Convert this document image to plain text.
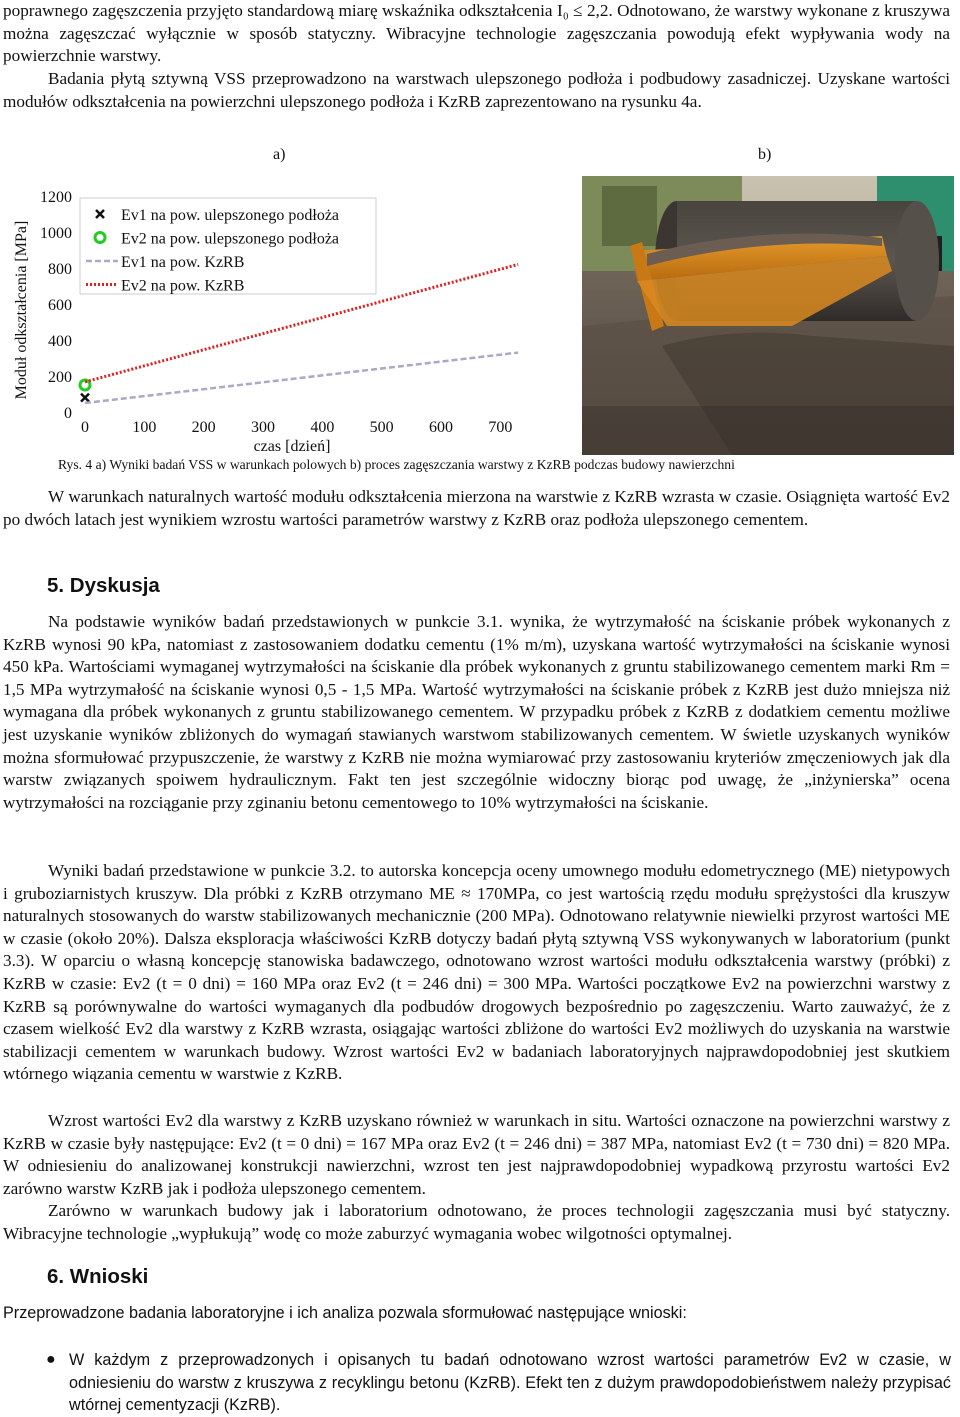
poprawnego zagęszczenia przyjęto standardową miarę wskaźnika odkształcenia I₀ ≤ 2,2. Odnotowano, że warstwy wykonane z kruszywa można zagęszczać wyłącznie w sposób statyczny. Wibracyjne technologie zagęszczania powodują efekt wypływania wody na powierzchnie warstwy.

Badania płytą sztywną VSS przeprowadzono na warstwach ulepszonego podłoża i podbudowy zasadniczej. Uzyskane wartości modułów odkształcenia na powierzchni ulepszonego podłoża i KzRB zaprezentowano na rysunku 4a.

a)	b)
0
200
400
600
800
1000
1200
0	100 200 300 400 500 600 700
czas [dzień]
Moduł odkształcenia [MPa]
Ev1 na pow. ulepszonego podłoża
Ev2 na pow. ulepszonego podłoża
Ev1 na pow. KzRB
Ev2 na pow. KzRB
Rys. 4 a) Wyniki badań VSS w warunkach polowych b) proces zagęszczania warstwy z KzRB podczas budowy nawierzchni

W warunkach naturalnych wartość modułu odkształcenia mierzona na warstwie z KzRB wzrasta w czasie. Osiągnięta wartość Ev2 po dwóch latach jest wynikiem wzrostu wartości parametrów warstwy z KzRB oraz podłoża ulepszonego cementem.

5. Dyskusja

Na podstawie wyników badań przedstawionych w punkcie 3.1. wynika, że wytrzymałość na ściskanie próbek wykonanych z KzRB wynosi 90 kPa, natomiast z zastosowaniem dodatku cementu (1% m/m), uzyskana wartość wytrzymałości na ściskanie wynosi 450 kPa. Wartościami wymaganej wytrzymałości na ściskanie dla próbek wykonanych z gruntu stabilizowanego cementem marki Rm = 1,5 MPa wytrzymałość na ściskanie wynosi 0,5 - 1,5 MPa. Wartość wytrzymałości na ściskanie próbek z KzRB jest dużo mniejsza niż wymagana dla próbek wykonanych z gruntu stabilizowanego cementem. W przypadku próbek z KzRB z dodatkiem cementu możliwe jest uzyskanie wyników zbliżonych do wymagań stawianych warstwom stabilizowanych cementem. W świetle uzyskanych wyników można sformułować przypuszczenie, że warstwy z KzRB nie można wymiarować przy zastosowaniu kryteriów zmęczeniowych jak dla warstw związanych spoiwem hydraulicznym. Fakt ten jest szczególnie widoczny biorąc pod uwagę, że „inżynierska” ocena wytrzymałości na rozciąganie przy zginaniu betonu cementowego to 10% wytrzymałości na ściskanie.

Wyniki badań przedstawione w punkcie 3.2. to autorska koncepcja oceny umownego modułu edometrycznego (ME) nietypowych i gruboziarnistych kruszyw. Dla próbki z KzRB otrzymano ME ≈ 170MPa, co jest wartością rzędu modułu sprężystości dla kruszyw naturalnych stosowanych do warstw stabilizowanych mechanicznie (200 MPa). Odnotowano relatywnie niewielki przyrost wartości ME w czasie (około 20%). Dalsza eksploracja właściwości KzRB dotyczy badań płytą sztywną VSS wykonywanych w laboratorium (punkt 3.3). W oparciu o własną koncepcję stanowiska badawczego, odnotowano wzrost wartości modułu odkształcenia warstwy (próbki) z KzRB w czasie: Ev2 (t = 0 dni) = 160 MPa oraz Ev2 (t = 246 dni) = 300 MPa. Wartości początkowe Ev2 na powierzchni warstwy z KzRB są porównywalne do wartości wymaganych dla podbudów drogowych bezpośrednio po zagęszczeniu. Warto zauważyć, że z czasem wielkość Ev2 dla warstwy z KzRB wzrasta, osiągając wartości zbliżone do wartości Ev2 możliwych do uzyskania na warstwie stabilizacji cementem w warunkach budowy. Wzrost wartości Ev2 w badaniach laboratoryjnych najprawdopodobniej jest skutkiem wtórnego wiązania cementu w warstwie z KzRB.

Wzrost wartości Ev2 dla warstwy z KzRB uzyskano również w warunkach in situ. Wartości oznaczone na powierzchni warstwy z KzRB w czasie były następujące: Ev2 (t = 0 dni) = 167 MPa oraz Ev2 (t = 246 dni) = 387 MPa, natomiast Ev2 (t = 730 dni) = 820 MPa. W odniesieniu do analizowanej konstrukcji nawierzchni, wzrost ten jest najprawdopodobniej wypadkową przyrostu wartości Ev2 zarówno warstw KzRB jak i podłoża ulepszonego cementem.

Zarówno w warunkach budowy jak i laboratorium odnotowano, że proces technologii zagęszczania musi być statyczny. Wibracyjne technologie „wypłukują” wodę co może zaburzyć wymagania wobec wilgotności optymalnej.

6. Wnioski

Przeprowadzone badania laboratoryjne i ich analiza pozwala sformułować następujące wnioski:

● W każdym z przeprowadzonych i opisanych tu badań odnotowano wzrost wartości parametrów Ev2 w czasie, w odniesieniu do warstw z kruszywa z recyklingu betonu (KzRB). Efekt ten z dużym prawdopodobieństwem należy przypisać wtórnej cementyzacji (KzRB).
